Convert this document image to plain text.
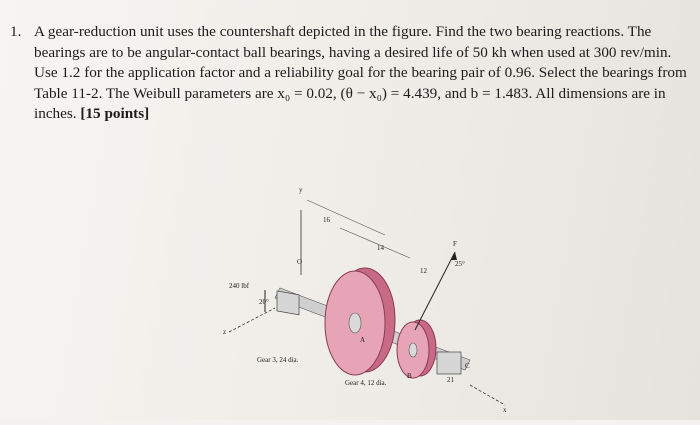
1. A gear-reduction unit uses the countershaft depicted in the figure. Find the two bearing reactions. The bearings are to be angular-contact ball bearings, having a desired life of 50 kh when used at 300 rev/min. Use 1.2 for the application factor and a reliability goal for the bearing pair of 0.96. Select the bearings from Table 11-2. The Weibull parameters are x₀ = 0.02, (θ − x₀) = 4.439, and b = 1.483. All dimensions are in inches. [15 points]
y
16
14
12
21
O
A
B
C
F
25°
240 lbf
20°
z
x
Gear 3, 24 dia.
Gear 4, 12 dia.
